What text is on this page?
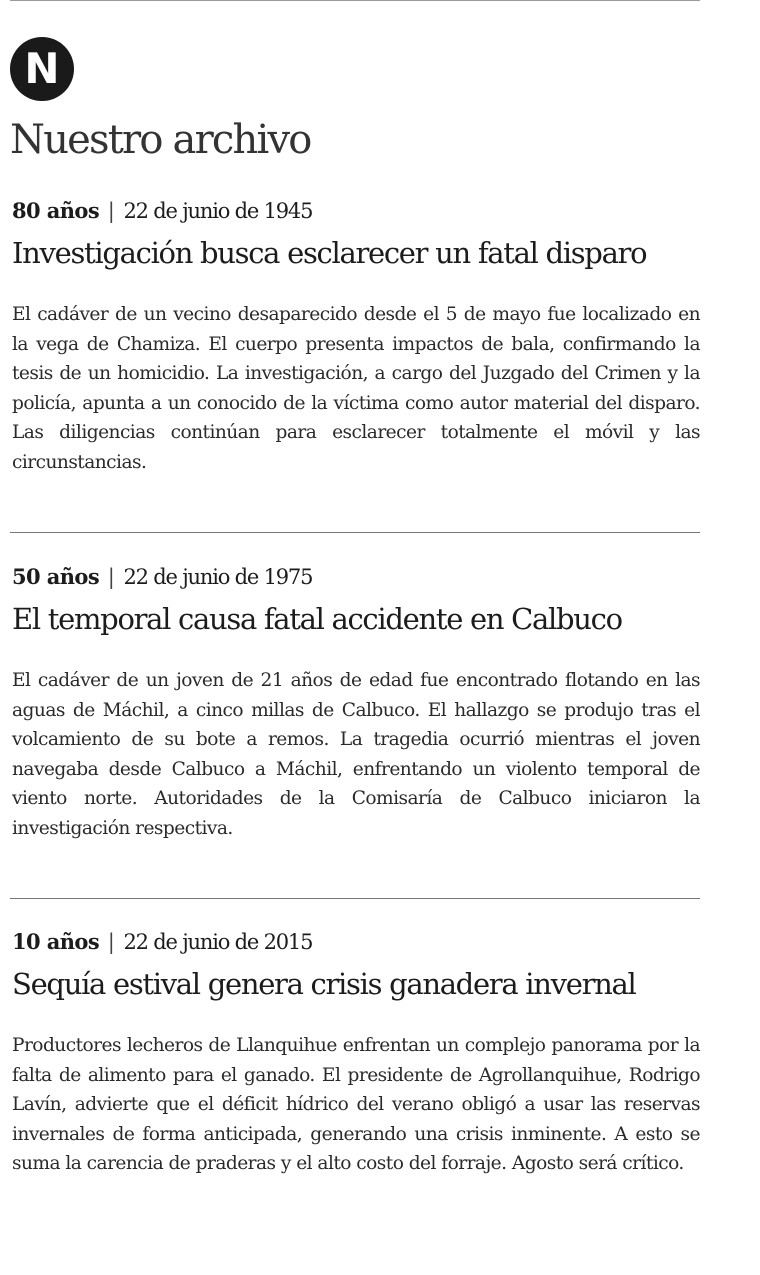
N
Nuestro archivo
80 años | 22 de junio de 1945
Investigación busca esclarecer un fatal disparo

El cadáver de un vecino desaparecido desde el 5 de mayo fue localizado en la vega de Chamiza. El cuerpo presenta impactos de bala, confirmando la tesis de un homicidio. La investigación, a cargo del Juzgado del Crimen y la policía, apunta a un conocido de la víctima como autor material del disparo. Las diligencias continúan para esclarecer totalmente el móvil y las circunstancias.

50 años | 22 de junio de 1975
El temporal causa fatal accidente en Calbuco

El cadáver de un joven de 21 años de edad fue encontrado flotando en las aguas de Máchil, a cinco millas de Calbuco. El hallazgo se produjo tras el volcamiento de su bote a remos. La tragedia ocurrió mientras el joven navegaba desde Calbuco a Máchil, enfrentando un violento temporal de viento norte. Autoridades de la Comisaría de Calbuco iniciaron la investigación respectiva.

10 años | 22 de junio de 2015
Sequía estival genera crisis ganadera invernal

Productores lecheros de Llanquihue enfrentan un complejo panorama por la falta de alimento para el ganado. El presidente de Agrollanquihue, Rodrigo Lavín, advierte que el déficit hídrico del verano obligó a usar las reservas invernales de forma anticipada, generando una crisis inminente. A esto se suma la carencia de praderas y el alto costo del forraje. Agosto será crítico.
